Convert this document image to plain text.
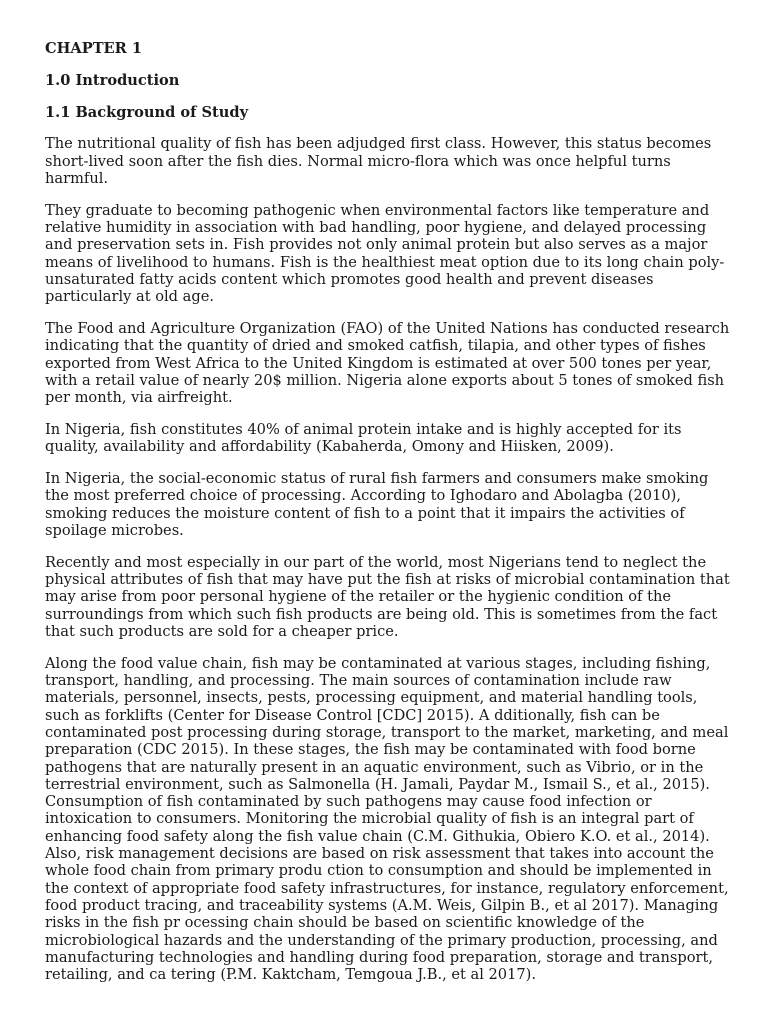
CHAPTER 1
1.0 Introduction
1.1 Background of Study

The nutritional quality of fish has been adjudged first class. However, this status becomes short-lived soon after the fish dies. Normal micro-flora which was once helpful turns harmful.

They graduate to becoming pathogenic when environmental factors like temperature and relative humidity in association with bad handling, poor hygiene, and delayed processing and preservation sets in. Fish provides not only animal protein but also serves as a major means of livelihood to humans. Fish is the healthiest meat option due to its long chain poly-unsaturated fatty acids content which promotes good health and prevent diseases particularly at old age.

The Food and Agriculture Organization (FAO) of the United Nations has conducted research indicating that the quantity of dried and smoked catfish, tilapia, and other types of fishes exported from West Africa to the United Kingdom is estimated at over 500 tones per year, with a retail value of nearly 20$ million. Nigeria alone exports about 5 tones of smoked fish per month, via airfreight.

In Nigeria, fish constitutes 40% of animal protein intake and is highly accepted for its quality, availability and affordability (Kabaherda, Omony and Hiisken, 2009).

In Nigeria, the social-economic status of rural fish farmers and consumers make smoking the most preferred choice of processing. According to Ighodaro and Abolagba (2010), smoking reduces the moisture content of fish to a point that it impairs the activities of spoilage microbes.

Recently and most especially in our part of the world, most Nigerians tend to neglect the physical attributes of fish that may have put the fish at risks of microbial contamination that may arise from poor personal hygiene of the retailer or the hygienic condition of the surroundings from which such fish products are being old. This is sometimes from the fact that such products are sold for a cheaper price.

Along the food value chain, fish may be contaminated at various stages, including fishing, transport, handling, and processing. The main sources of contamination include raw materials, personnel, insects, pests, processing equipment, and material handling tools, such as forklifts (Center for Disease Control [CDC] 2015). A dditionally, fish can be contaminated post processing during storage, transport to the market, marketing, and meal preparation (CDC 2015). In these stages, the fish may be contaminated with food borne pathogens that are naturally present in an aquatic environment, such as Vibrio, or in the terrestrial environment, such as Salmonella (H. Jamali, Paydar M., Ismail S., et al., 2015). Consumption of fish contaminated by such pathogens may cause food infection or intoxication to consumers. Monitoring the microbial quality of fish is an integral part of enhancing food safety along the fish value chain (C.M. Githukia, Obiero K.O. et al., 2014). Also, risk management decisions are based on risk assessment that takes into account the whole food chain from primary produ ction to consumption and should be implemented in the context of appropriate food safety infrastructures, for instance, regulatory enforcement, food product tracing, and traceability systems (A.M. Weis, Gilpin B., et al 2017). Managing risks in the fish pr ocessing chain should be based on scientific knowledge of the microbiological hazards and the understanding of the primary production, processing, and manufacturing technologies and handling during food preparation, storage and transport, retailing, and ca tering (P.M. Kaktcham, Temgoua J.B., et al 2017).
